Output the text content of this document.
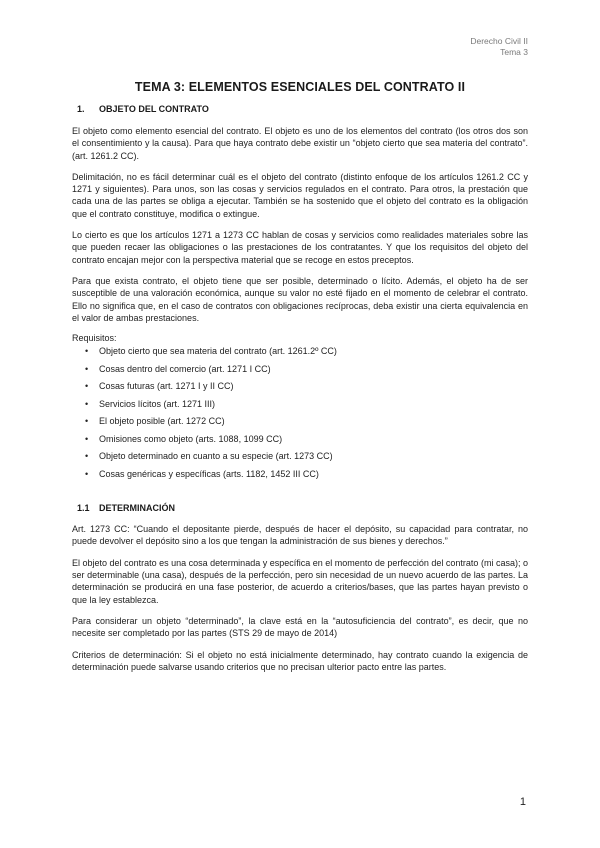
Derecho Civil II
Tema 3
TEMA 3: ELEMENTOS ESENCIALES DEL CONTRATO II
1. OBJETO DEL CONTRATO

El objeto como elemento esencial del contrato. El objeto es uno de los elementos del contrato (los otros dos son el consentimiento y la causa). Para que haya contrato debe existir un “objeto cierto que sea materia del contrato”. (art. 1261.2 CC).

Delimitación, no es fácil determinar cuál es el objeto del contrato (distinto enfoque de los artículos 1261.2 CC y 1271 y siguientes). Para unos, son las cosas y servicios regulados en el contrato. Para otros, la prestación que cada una de las partes se obliga a ejecutar. También se ha sostenido que el objeto del contrato es la obligación que el contrato constituye, modifica o extingue.

Lo cierto es que los artículos 1271 a 1273 CC hablan de cosas y servicios como realidades materiales sobre las que pueden recaer las obligaciones o las prestaciones de los contratantes. Y que los requisitos del objeto del contrato encajan mejor con la perspectiva material que se recoge en estos preceptos.

Para que exista contrato, el objeto tiene que ser posible, determinado o lícito. Además, el objeto ha de ser susceptible de una valoración económica, aunque su valor no esté fijado en el momento de celebrar el contrato. Ello no significa que, en el caso de contratos con obligaciones recíprocas, deba existir una cierta equivalencia en el valor de ambas prestaciones.

Requisitos:

• Objeto cierto que sea materia del contrato (art. 1261.2º CC)
• Cosas dentro del comercio (art. 1271 I CC)
• Cosas futuras (art. 1271 I y II CC)
• Servicios lícitos (art. 1271 III)
• El objeto posible (art. 1272 CC)
• Omisiones como objeto (arts. 1088, 1099 CC)
• Objeto determinado en cuanto a su especie (art. 1273 CC)
• Cosas genéricas y específicas (arts. 1182, 1452 III CC)
1.1 DETERMINACIÓN

Art. 1273 CC: “Cuando el depositante pierde, después de hacer el depósito, su capacidad para contratar, no puede devolver el depósito sino a los que tengan la administración de sus bienes y derechos.”

El objeto del contrato es una cosa determinada y específica en el momento de perfección del contrato (mi casa); o ser determinable (una casa), después de la perfección, pero sin necesidad de un nuevo acuerdo de las partes. La determinación se producirá en una fase posterior, de acuerdo a criterios/bases, que las partes hayan previsto o que la ley establezca.

Para considerar un objeto “determinado”, la clave está en la “autosuficiencia del contrato”, es decir, que no necesite ser completado por las partes (STS 29 de mayo de 2014)

Criterios de determinación: Si el objeto no está inicialmente determinado, hay contrato cuando la exigencia de determinación puede salvarse usando criterios que no precisan ulterior pacto entre las partes.

1
